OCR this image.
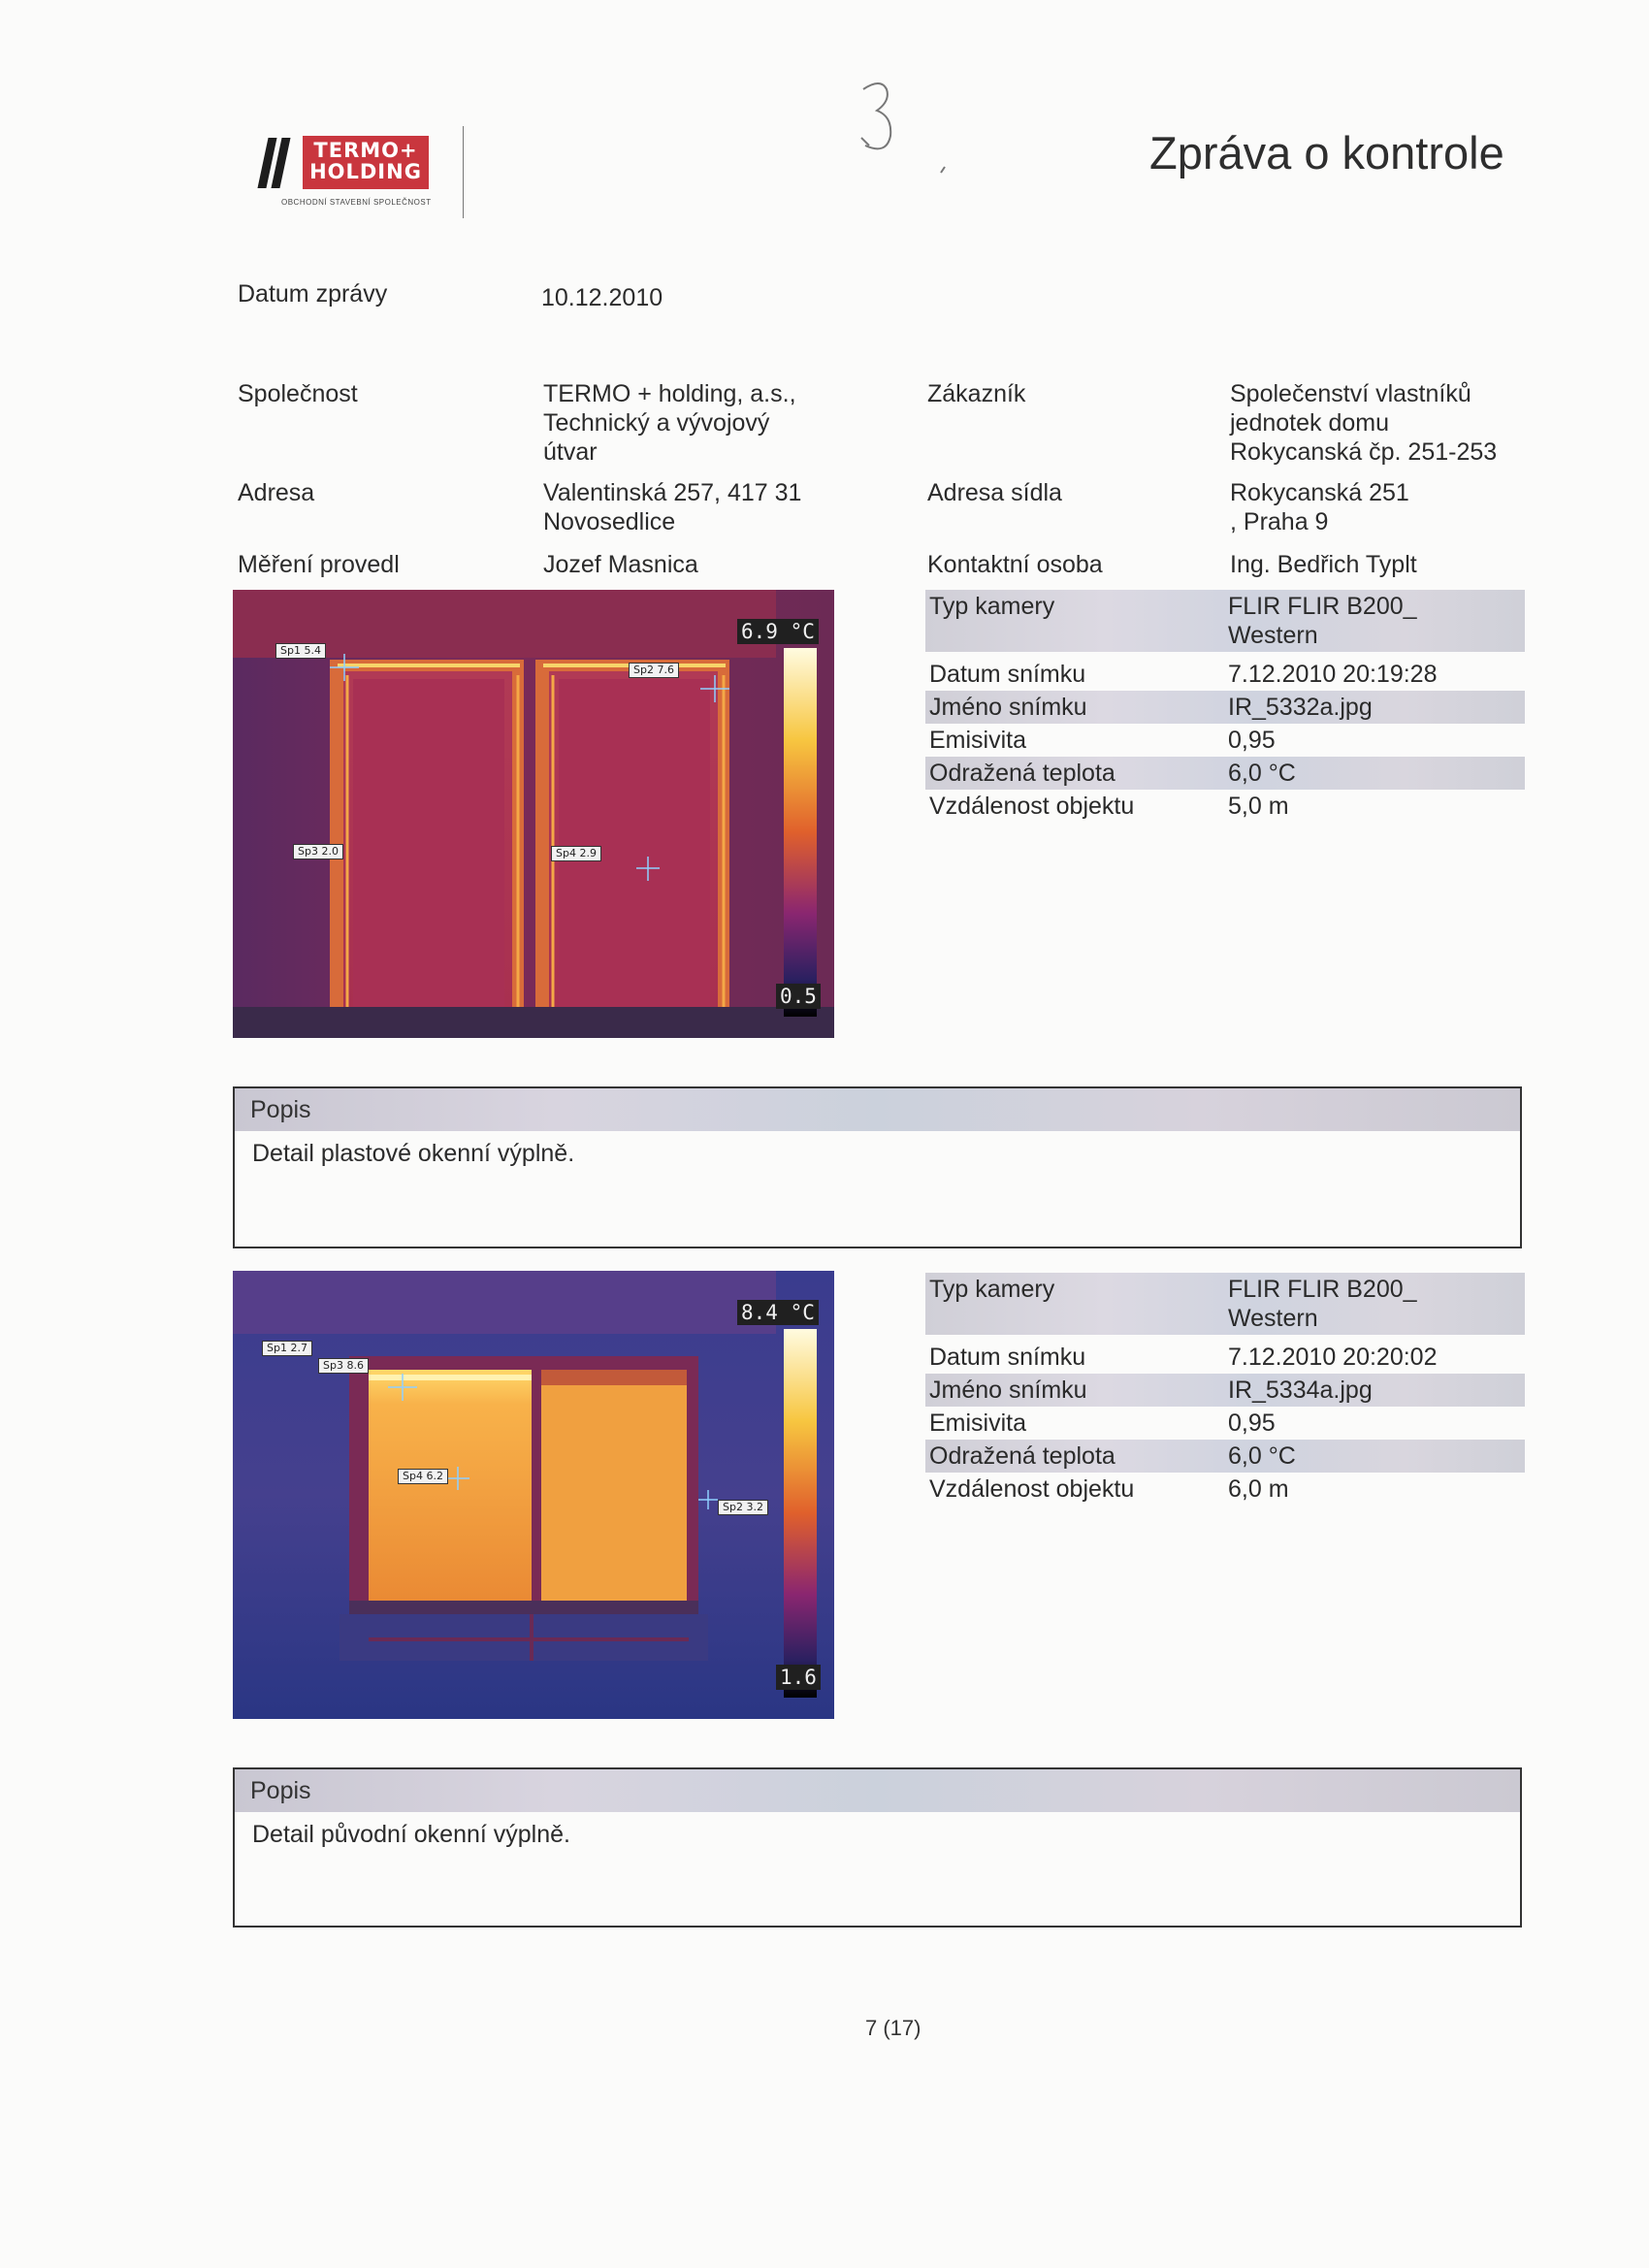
TERMO+
HOLDING
OBCHODNÍ STAVEBNÍ SPOLEČNOST
Zpráva o kontrole
Datum zprávy	10.12.2010
Společnost	TERMO + holding, a.s.,
Technický a vývojový
útvar
Adresa	Valentinská 257, 417 31
Novosedlice
Měření provedl	Jozef Masnica
Zákazník	Společenství vlastníků
jednotek domu
Rokycanská čp. 251-253
Adresa sídla	Rokycanská 251
, Praha 9
Kontaktní osoba	Ing. Bedřich Typlt
Sp1 5.4
Sp2 7.6
Sp3 2.0	Sp4 2.9
6.9 °C
0.5
Typ kamery	FLIR FLIR B200_
Western
Datum snímku	7.12.2010 20:19:28
Jméno snímku	IR_5332a.jpg
Emisivita	0,95
Odražená teplota	6,0 °C
Vzdálenost objektu	5,0 m
Popis
Detail plastové okenní výplně.
Sp1 2.7
Sp3 8.6
Sp4 6.2
Sp2 3.2
8.4 °C
1.6
Typ kamery	FLIR FLIR B200_
Western
Datum snímku	7.12.2010 20:20:02
Jméno snímku	IR_5334a.jpg
Emisivita	0,95
Odražená teplota	6,0 °C
Vzdálenost objektu	6,0 m
Popis
Detail původní okenní výplně.
7 (17)
